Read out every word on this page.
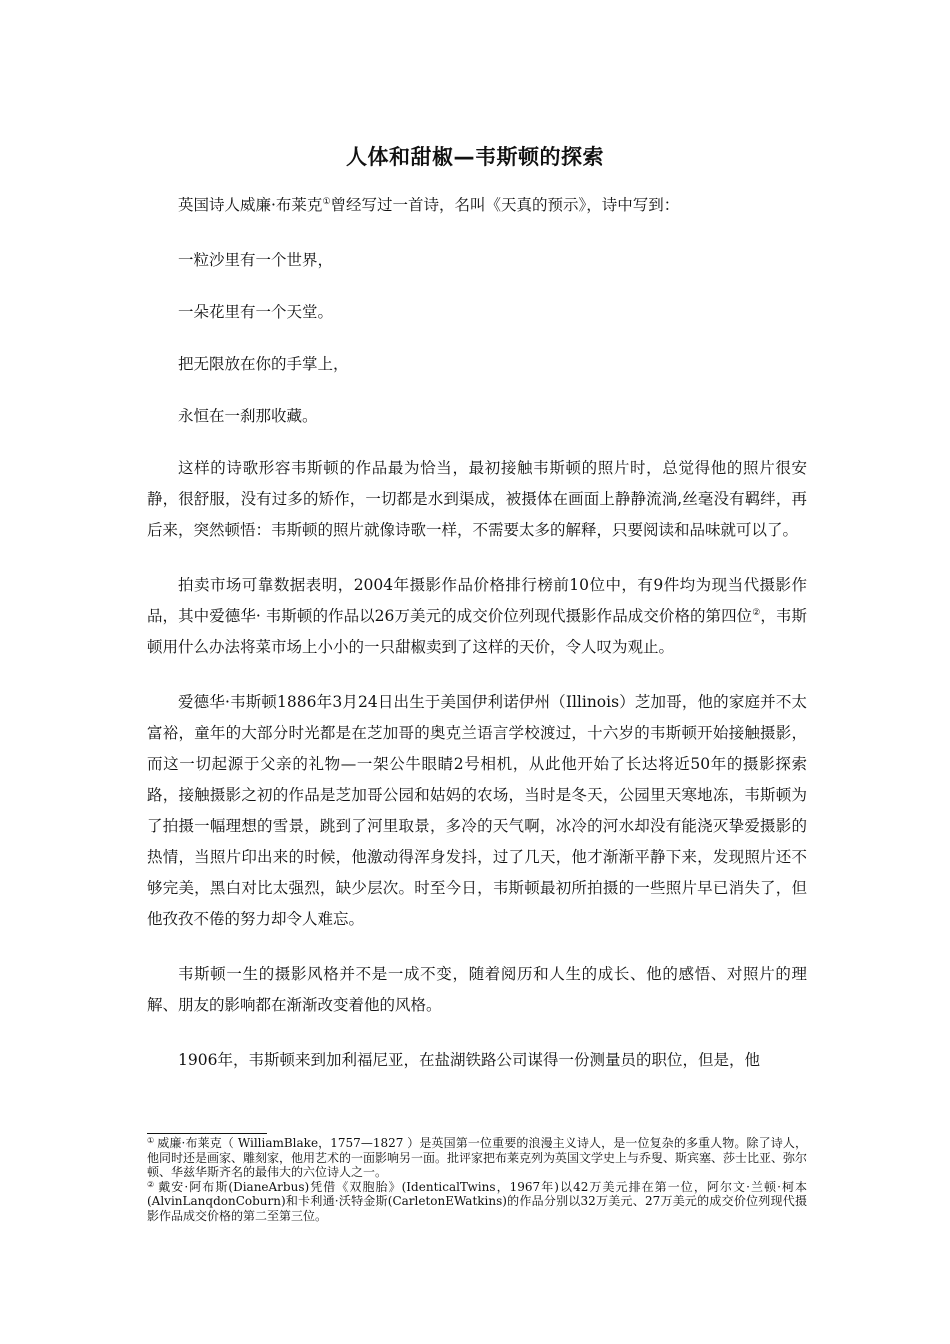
人体和甜椒—韦斯顿的探索

英国诗人威廉·布莱克①曾经写过一首诗，名叫《天真的预示》，诗中写到：

一粒沙里有一个世界，

一朵花里有一个天堂。

把无限放在你的手掌上，

永恒在一刹那收藏。

这样的诗歌形容韦斯顿的作品最为恰当，最初接触韦斯顿的照片时，总觉得他的照片很安静，很舒服，没有过多的矫作，一切都是水到渠成，被摄体在画面上静静流淌,丝毫没有羁绊，再后来，突然顿悟：韦斯顿的照片就像诗歌一样，不需要太多的解释，只要阅读和品味就可以了。

拍卖市场可靠数据表明，2004年摄影作品价格排行榜前10位中，有9件均为现当代摄影作品，其中爱德华· 韦斯顿的作品以26万美元的成交价位列现代摄影作品成交价格的第四位②，韦斯顿用什么办法将菜市场上小小的一只甜椒卖到了这样的天价，令人叹为观止。

爱德华·韦斯顿1886年3月24日出生于美国伊利诺伊州（Illinois）芝加哥，他的家庭并不太富裕，童年的大部分时光都是在芝加哥的奥克兰语言学校渡过，十六岁的韦斯顿开始接触摄影，而这一切起源于父亲的礼物—一架公牛眼睛2号相机，从此他开始了长达将近50年的摄影探索路，接触摄影之初的作品是芝加哥公园和姑妈的农场，当时是冬天，公园里天寒地冻，韦斯顿为了拍摄一幅理想的雪景，跳到了河里取景，多冷的天气啊，冰冷的河水却没有能浇灭挚爱摄影的热情，当照片印出来的时候，他激动得浑身发抖，过了几天，他才渐渐平静下来，发现照片还不够完美，黑白对比太强烈，缺少层次。时至今日，韦斯顿最初所拍摄的一些照片早已消失了，但他孜孜不倦的努力却令人难忘。

韦斯顿一生的摄影风格并不是一成不变，随着阅历和人生的成长、他的感悟、对照片的理解、朋友的影响都在渐渐改变着他的风格。

1906年，韦斯顿来到加利福尼亚，在盐湖铁路公司谋得一份测量员的职位，但是，他

① 威廉·布莱克（ WilliamBlake，1757—1827 ）是英国第一位重要的浪漫主义诗人，是一位复杂的多重人物。除了诗人，他同时还是画家、雕刻家，他用艺术的一面影响另一面。批评家把布莱克列为英国文学史上与乔叟、斯宾塞、莎士比亚、弥尔顿、华兹华斯齐名的最伟大的六位诗人之一。

② 戴安·阿布斯(DianeArbus)凭借《双胞胎》(IdenticalTwins，1967年)以42万美元排在第一位，阿尔文·兰顿·柯本(AlvinLanqdonCoburn)和卡利通·沃特金斯(CarletonEWatkins)的作品分别以32万美元、27万美元的成交价位列现代摄影作品成交价格的第二至第三位。
